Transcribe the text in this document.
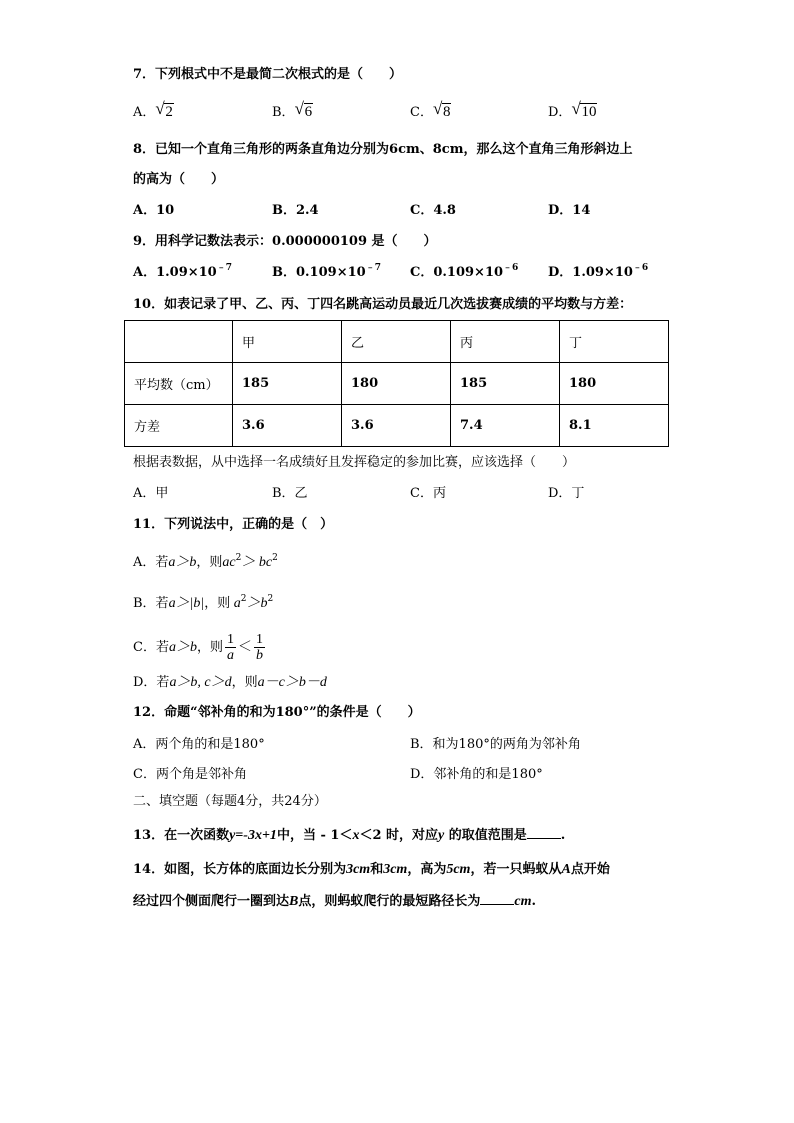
7．下列根式中不是最简二次根式的是（　　）
A． √ 2	B． √ 6	C． √ 8	D． √ 10
8．已知一个直角三角形的两条直角边分别为6cm、8cm，那么这个直角三角形斜边上
的高为（　　）
A．10	B．2.4	C．4.8	D．14
9．用科学记数法表示：0.000000109 是（　　）
A．$1.09\times 10^{﹣7}$	B．$0.109\times 10^{﹣7}$ C．$0.109\times 10^{﹣6}$ D．$1.09\times 10^{﹣6}$
10．如表记录了甲、乙、丙、丁四名跳高运动员最近几次选拔赛成绩的平均数与方差：
	甲	乙	丙	丁
平均数（cm）	185	180	185	180
方差	3.6	3.6	7.4	8.1
根据表数据，从中选择一名成绩好且发挥稳定的参加比赛，应该选择（　　）
A．甲	B．乙	C．丙	D．丁
11．下列说法中，正确的是（　）
A．若a＞b，则$ac^2> bc^2$
B．若a＞|b|，则 $a^2>b^2$
C．若a＞b，则 $\frac{1}{a} < \frac{1}{b}$
D．若a＞b, c＞d，则a－c＞b－d
12．命题“邻补角的和为180°”的条件是（　　）
A．两个角的和是180°	B．和为180°的两角为邻补角
C．两个角是邻补角	D．邻补角的和是180°
二、填空题（每题4分，共24分）
13．在一次函数y=-3x+1中，当 - 1＜x＜2 时，对应y 的取值范围是	.
14．如图，长方体的底面边长分别为3cm和3cm，高为5cm，若一只蚂蚁从A点开始
经过四个侧面爬行一圈到达B点，则蚂蚁爬行的最短路径长为 cm.
